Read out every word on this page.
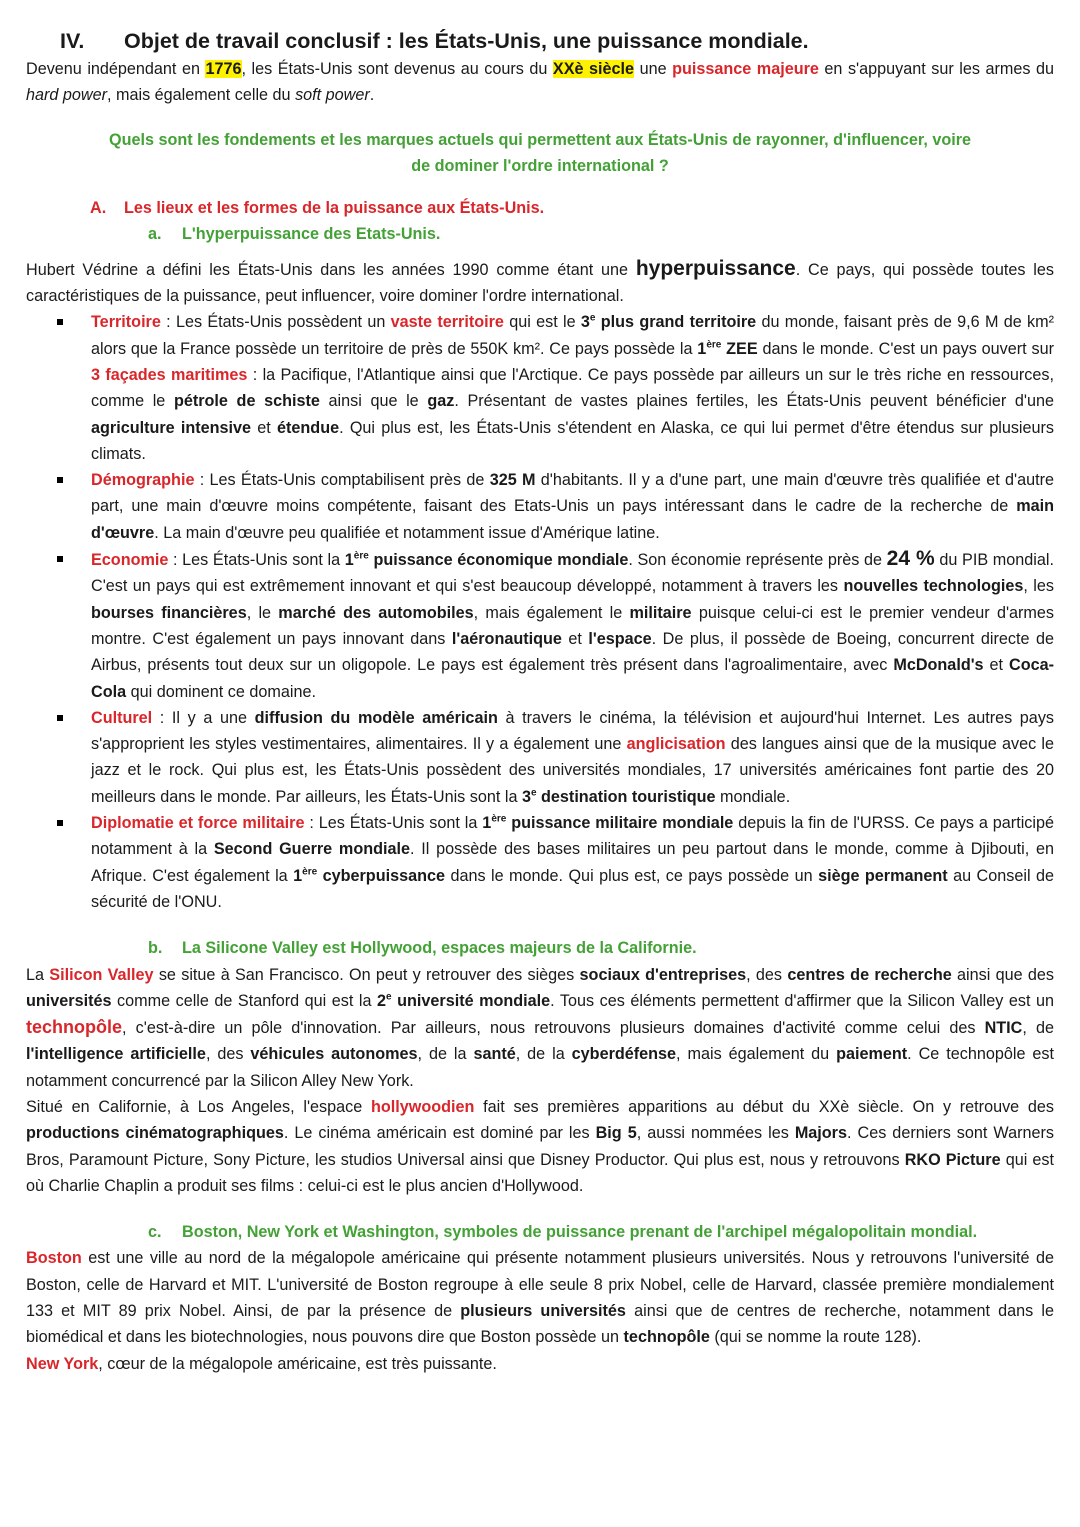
IV. Objet de travail conclusif : les États-Unis, une puissance mondiale.
Devenu indépendant en 1776, les États-Unis sont devenus au cours du XXè siècle une puissance majeure en s'appuyant sur les armes du hard power, mais également celle du soft power.
Quels sont les fondements et les marques actuels qui permettent aux États-Unis de rayonner, d'influencer, voire
de dominer l'ordre international ?
A. Les lieux et les formes de la puissance aux États-Unis.
a. L'hyperpuissance des Etats-Unis.
Hubert Védrine a défini les États-Unis dans les années 1990 comme étant une hyperpuissance. Ce pays, qui possède toutes les caractéristiques de la puissance, peut influencer, voire dominer l'ordre international.
Territoire : Les États-Unis possèdent un vaste territoire qui est le 3e plus grand territoire du monde, faisant près de 9,6 M de km² alors que la France possède un territoire de près de 550K km². Ce pays possède la 1ère ZEE dans le monde. C'est un pays ouvert sur 3 façades maritimes : la Pacifique, l'Atlantique ainsi que l'Arctique. Ce pays possède par ailleurs un sur le très riche en ressources, comme le pétrole de schiste ainsi que le gaz. Présentant de vastes plaines fertiles, les États-Unis peuvent bénéficier d'une agriculture intensive et étendue. Qui plus est, les États-Unis s'étendent en Alaska, ce qui lui permet d'être étendus sur plusieurs climats.
Démographie : Les États-Unis comptabilisent près de 325 M d'habitants. Il y a d'une part, une main d'œuvre très qualifiée et d'autre part, une main d'œuvre moins compétente, faisant des Etats-Unis un pays intéressant dans le cadre de la recherche de main d'œuvre. La main d'œuvre peu qualifiée et notamment issue d'Amérique latine.
Economie : Les États-Unis sont la 1ère puissance économique mondiale. Son économie représente près de 24 % du PIB mondial. C'est un pays qui est extrêmement innovant et qui s'est beaucoup développé, notamment à travers les nouvelles technologies, les bourses financières, le marché des automobiles, mais également le militaire puisque celui-ci est le premier vendeur d'armes montre. C'est également un pays innovant dans l'aéronautique et l'espace. De plus, il possède de Boeing, concurrent directe de Airbus, présents tout deux sur un oligopole. Le pays est également très présent dans l'agroalimentaire, avec McDonald's et Coca-Cola qui dominent ce domaine.
Culturel : Il y a une diffusion du modèle américain à travers le cinéma, la télévision et aujourd'hui Internet. Les autres pays s'approprient les styles vestimentaires, alimentaires. Il y a également une anglicisation des langues ainsi que de la musique avec le jazz et le rock. Qui plus est, les États-Unis possèdent des universités mondiales, 17 universités américaines font partie des 20 meilleurs dans le monde. Par ailleurs, les États-Unis sont la 3e destination touristique mondiale.
Diplomatie et force militaire : Les États-Unis sont la 1ère puissance militaire mondiale depuis la fin de l'URSS. Ce pays a participé notamment à la Second Guerre mondiale. Il possède des bases militaires un peu partout dans le monde, comme à Djibouti, en Afrique. C'est également la 1ère cyberpuissance dans le monde. Qui plus est, ce pays possède un siège permanent au Conseil de sécurité de l'ONU.
b. La Silicone Valley est Hollywood, espaces majeurs de la Californie.
La Silicon Valley se situe à San Francisco. On peut y retrouver des sièges sociaux d'entreprises, des centres de recherche ainsi que des universités comme celle de Stanford qui est la 2e université mondiale. Tous ces éléments permettent d'affirmer que la Silicon Valley est un technopôle, c'est-à-dire un pôle d'innovation. Par ailleurs, nous retrouvons plusieurs domaines d'activité comme celui des NTIC, de l'intelligence artificielle, des véhicules autonomes, de la santé, de la cyberdéfense, mais également du paiement. Ce technopôle est notamment concurrencé par la Silicon Alley New York.
Situé en Californie, à Los Angeles, l'espace hollywoodien fait ses premières apparitions au début du XXè siècle. On y retrouve des productions cinématographiques. Le cinéma américain est dominé par les Big 5, aussi nommées les Majors. Ces derniers sont Warners Bros, Paramount Picture, Sony Picture, les studios Universal ainsi que Disney Productor. Qui plus est, nous y retrouvons RKO Picture qui est où Charlie Chaplin a produit ses films : celui-ci est le plus ancien d'Hollywood.
c. Boston, New York et Washington, symboles de puissance prenant de l'archipel mégalopolitain mondial.
Boston est une ville au nord de la mégalopole américaine qui présente notamment plusieurs universités. Nous y retrouvons l'université de Boston, celle de Harvard et MIT. L'université de Boston regroupe à elle seule 8 prix Nobel, celle de Harvard, classée première mondialement 133 et MIT 89 prix Nobel. Ainsi, de par la présence de plusieurs universités ainsi que de centres de recherche, notamment dans le biomédical et dans les biotechnologies, nous pouvons dire que Boston possède un technopôle (qui se nomme la route 128).
New York, cœur de la mégalopole américaine, est très puissante.
